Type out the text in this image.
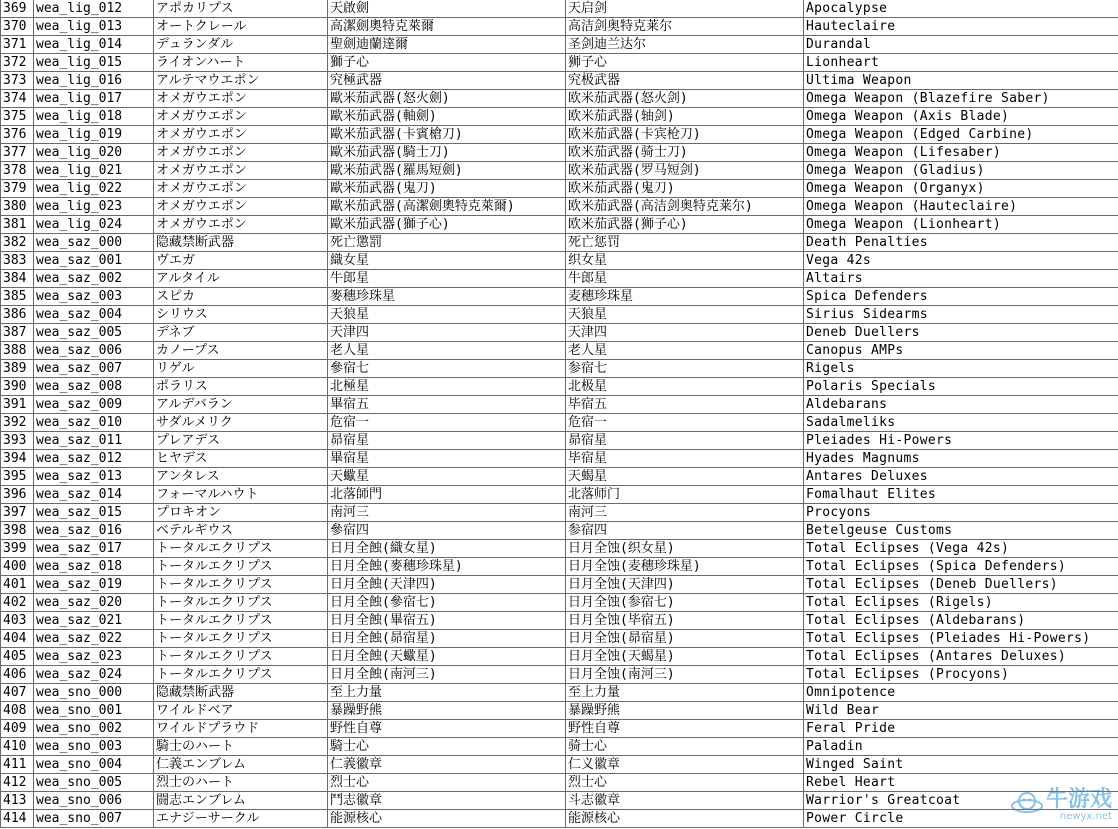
369	wea_lig_012	アポカリプス	天啟劍	天启剑	Apocalypse
370	wea_lig_013	オートクレール	高潔劍奧特克萊爾	高洁剑奥特克莱尔	Hauteclaire
371	wea_lig_014	デュランダル	聖劍迪蘭達爾	圣剑迪兰达尔	Durandal
372	wea_lig_015	ライオンハート	獅子心	狮子心	Lionheart
373	wea_lig_016	アルテマウエポン	究極武器	究极武器	Ultima Weapon
374	wea_lig_017	オメガウエポン	歐米茄武器(怒火劍)	欧米茄武器(怒火剑)	Omega Weapon (Blazefire Saber)
375	wea_lig_018	オメガウエポン	歐米茄武器(軸劍)	欧米茄武器(轴剑)	Omega Weapon (Axis Blade)
376	wea_lig_019	オメガウエポン	歐米茄武器(卡賓槍刀)	欧米茄武器(卡宾枪刀)	Omega Weapon (Edged Carbine)
377	wea_lig_020	オメガウエポン	歐米茄武器(騎士刀)	欧米茄武器(骑士刀)	Omega Weapon (Lifesaber)
378	wea_lig_021	オメガウエポン	歐米茄武器(羅馬短劍)	欧米茄武器(罗马短剑)	Omega Weapon (Gladius)
379	wea_lig_022	オメガウエポン	歐米茄武器(鬼刀)	欧米茄武器(鬼刀)	Omega Weapon (Organyx)
380	wea_lig_023	オメガウエポン	歐米茄武器(高潔劍奧特克萊爾)	欧米茄武器(高洁剑奥特克莱尔)	Omega Weapon (Hauteclaire)
381	wea_lig_024	オメガウエポン	歐米茄武器(獅子心)	欧米茄武器(狮子心)	Omega Weapon (Lionheart)
382	wea_saz_000	隐藏禁断武器	死亡懲罰	死亡惩罚	Death Penalties
383	wea_saz_001	ヴエガ	織女星	织女星	Vega 42s
384	wea_saz_002	アルタイル	牛郎星	牛郎星	Altairs
385	wea_saz_003	スピカ	麥穗珍珠星	麦穗珍珠星	Spica Defenders
386	wea_saz_004	シリウス	天狼星	天狼星	Sirius Sidearms
387	wea_saz_005	デネブ	天津四	天津四	Deneb Duellers
388	wea_saz_006	カノープス	老人星	老人星	Canopus AMPs
389	wea_saz_007	リゲル	參宿七	参宿七	Rigels
390	wea_saz_008	ポラリス	北極星	北极星	Polaris Specials
391	wea_saz_009	アルデバラン	畢宿五	毕宿五	Aldebarans
392	wea_saz_010	サダルメリク	危宿一	危宿一	Sadalmeliks
393	wea_saz_011	プレアデス	昴宿星	昴宿星	Pleiades Hi-Powers
394	wea_saz_012	ヒヤデス	畢宿星	毕宿星	Hyades Magnums
395	wea_saz_013	アンタレス	天蠍星	天蝎星	Antares Deluxes
396	wea_saz_014	フォーマルハウト	北落師門	北落师门	Fomalhaut Elites
397	wea_saz_015	プロキオン	南河三	南河三	Procyons
398	wea_saz_016	ベテルギウス	參宿四	参宿四	Betelgeuse Customs
399	wea_saz_017	トータルエクリプス	日月全蝕(織女星)	日月全蚀(织女星)	Total Eclipses (Vega 42s)
400	wea_saz_018	トータルエクリプス	日月全蝕(麥穗珍珠星)	日月全蚀(麦穗珍珠星)	Total Eclipses (Spica Defenders)
401	wea_saz_019	トータルエクリプス	日月全蝕(天津四)	日月全蚀(天津四)	Total Eclipses (Deneb Duellers)
402	wea_saz_020	トータルエクリプス	日月全蝕(參宿七)	日月全蚀(参宿七)	Total Eclipses (Rigels)
403	wea_saz_021	トータルエクリプス	日月全蝕(畢宿五)	日月全蚀(毕宿五)	Total Eclipses (Aldebarans)
404	wea_saz_022	トータルエクリプス	日月全蝕(昴宿星)	日月全蚀(昴宿星)	Total Eclipses (Pleiades Hi-Powers)
405	wea_saz_023	トータルエクリプス	日月全蝕(天蠍星)	日月全蚀(天蝎星)	Total Eclipses (Antares Deluxes)
406	wea_saz_024	トータルエクリプス	日月全蝕(南河三)	日月全蚀(南河三)	Total Eclipses (Procyons)
407	wea_sno_000	隐藏禁断武器	至上力量	至上力量	Omnipotence
408	wea_sno_001	ワイルドベア	暴躁野熊	暴躁野熊	Wild Bear
409	wea_sno_002	ワイルドプラウド	野性自尊	野性自尊	Feral Pride
410	wea_sno_003	騎士のハート	騎士心	骑士心	Paladin
411	wea_sno_004	仁義エンブレム	仁義徽章	仁义徽章	Winged Saint
412	wea_sno_005	烈士のハート	烈士心	烈士心	Rebel Heart
413	wea_sno_006	闘志エンブレム	鬥志徽章	斗志徽章	Warrior's Greatcoat
414	wea_sno_007	エナジーサークル	能源核心	能源核心	Power Circle
牛游戏
newyx.net
